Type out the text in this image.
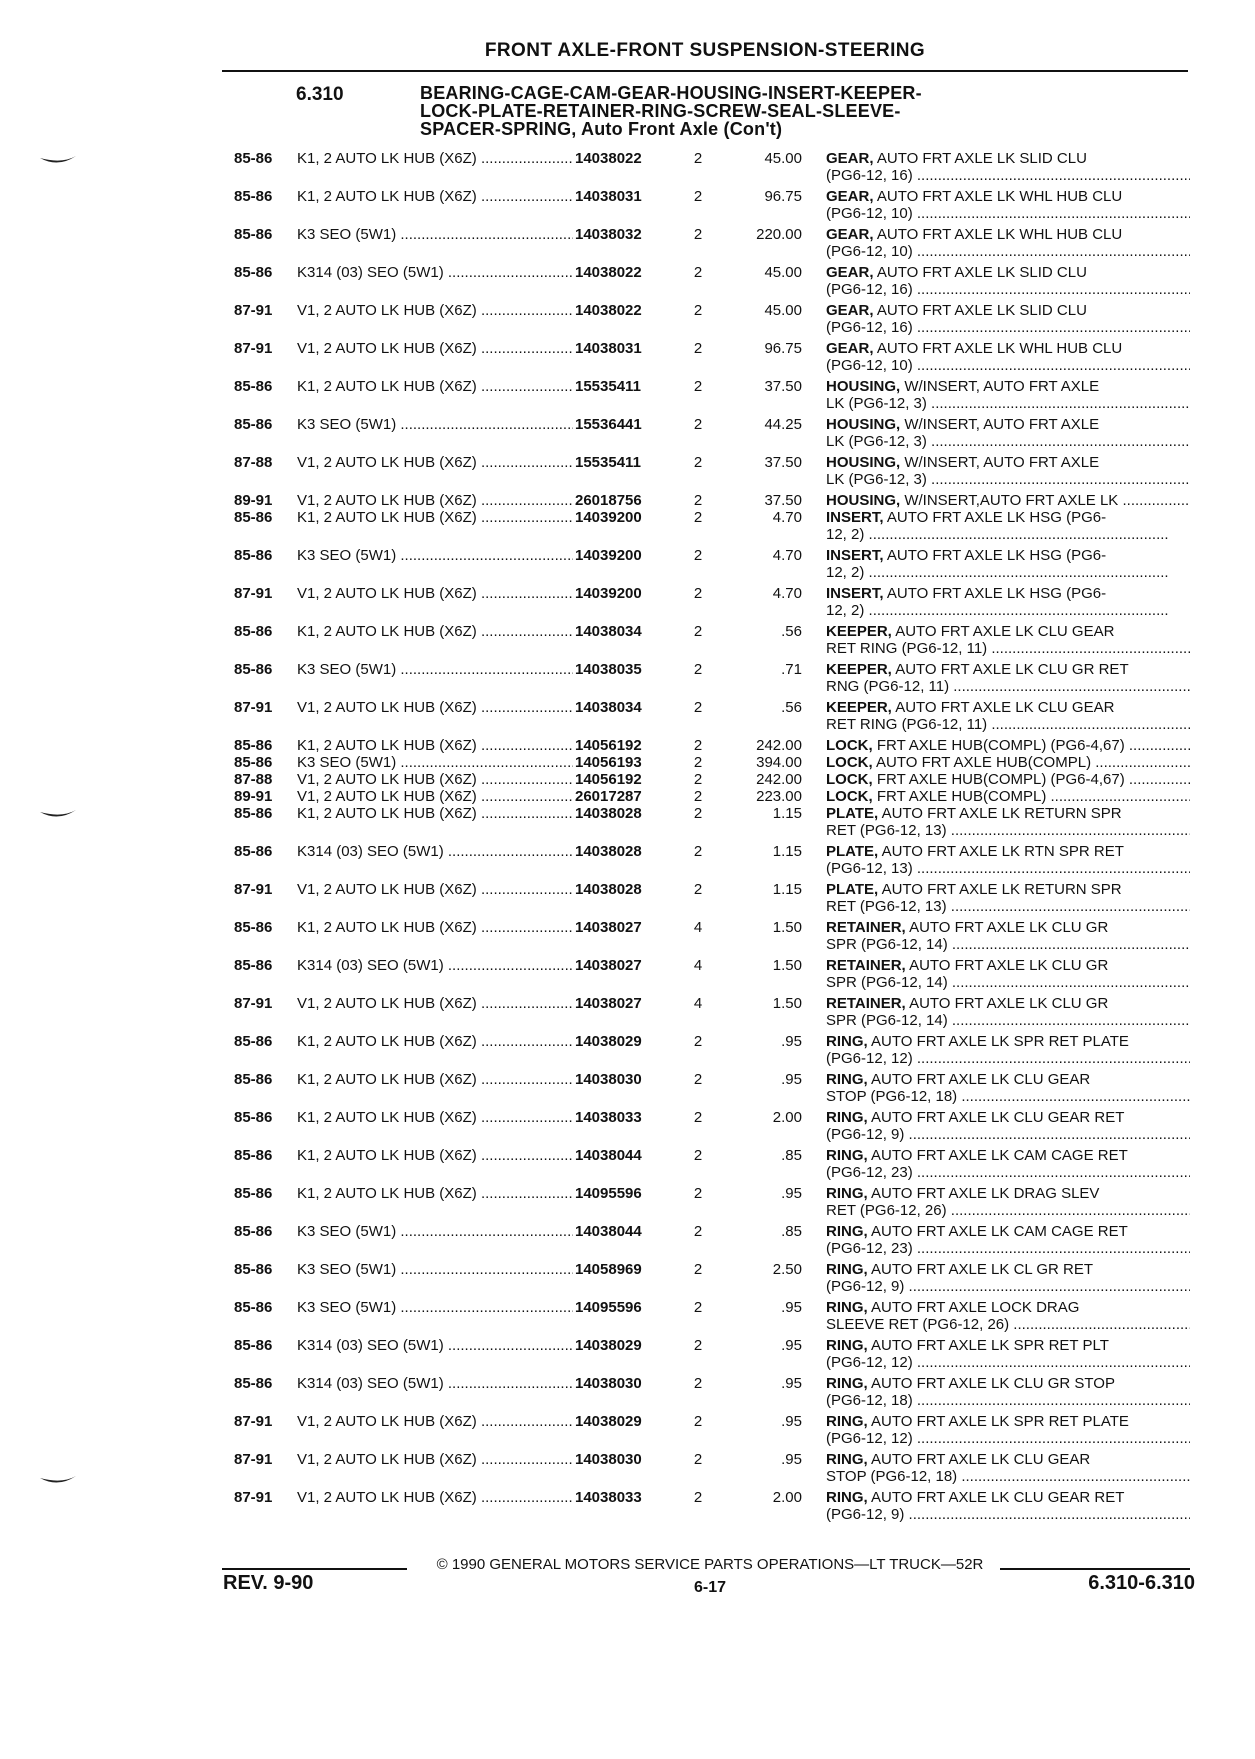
FRONT AXLE-FRONT SUSPENSION-STEERING
6.310	BEARING-CAGE-CAM-GEAR-HOUSING-INSERT-KEEPER-
LOCK-PLATE-RETAINER-RING-SCREW-SEAL-SLEEVE-
SPACER-SPRING, Auto Front Axle (Con't)
85-86	K1, 2 AUTO LK HUB (X6Z) .....	14038022	2	45.00 GEAR, AUTO FRT AXLE LK SLID CLU
(PG6-12, 16) .....
85-86	K1, 2 AUTO LK HUB (X6Z) .....	14038031	2	96.75 GEAR, AUTO FRT AXLE LK WHL HUB CLU
(PG6-12, 10) .....
85-86	K3 SEO (5W1) .....	14038032	2	220.00 GEAR, AUTO FRT AXLE LK WHL HUB CLU
(PG6-12, 10) .....
85-86	K314 (03) SEO (5W1) .....	14038022	2	45.00 GEAR, AUTO FRT AXLE LK SLID CLU
(PG6-12, 16) .....
87-91	V1, 2 AUTO LK HUB (X6Z) .....	14038022	2	45.00 GEAR, AUTO FRT AXLE LK SLID CLU
(PG6-12, 16) .....
87-91	V1, 2 AUTO LK HUB (X6Z) .....	14038031	2	96.75 GEAR, AUTO FRT AXLE LK WHL HUB CLU
(PG6-12, 10) .....
85-86	K1, 2 AUTO LK HUB (X6Z) .....	15535411	2	37.50 HOUSING, W/INSERT, AUTO FRT AXLE
LK (PG6-12, 3) .....
85-86	K3 SEO (5W1) .....	15536441	2	44.25 HOUSING, W/INSERT, AUTO FRT AXLE
LK (PG6-12, 3) .....
87-88	V1, 2 AUTO LK HUB (X6Z) .....	15535411	2	37.50 HOUSING, W/INSERT, AUTO FRT AXLE
LK (PG6-12, 3) .....
89-91	V1, 2 AUTO LK HUB (X6Z) .....	26018756	2	37.50 HOUSING, W/INSERT,AUTO FRT AXLE LK .....
85-86	K1, 2 AUTO LK HUB (X6Z) .....	14039200	2	4.70 INSERT, AUTO FRT AXLE LK HSG (PG6-
12, 2) .....
85-86	K3 SEO (5W1) .....	14039200	2	4.70 INSERT, AUTO FRT AXLE LK HSG (PG6-
12, 2) .....
87-91	V1, 2 AUTO LK HUB (X6Z) .....	14039200	2	4.70 INSERT, AUTO FRT AXLE LK HSG (PG6-
12, 2) .....
85-86	K1, 2 AUTO LK HUB (X6Z) .....	14038034	2	.56 KEEPER, AUTO FRT AXLE LK CLU GEAR
RET RING (PG6-12, 11) .....
85-86	K3 SEO (5W1) .....	14038035	2	.71 KEEPER, AUTO FRT AXLE LK CLU GR RET
RNG (PG6-12, 11) .....
87-91	V1, 2 AUTO LK HUB (X6Z) .....	14038034	2	.56 KEEPER, AUTO FRT AXLE LK CLU GEAR
RET RING (PG6-12, 11) .....
85-86	K1, 2 AUTO LK HUB (X6Z) .....	14056192	2	242.00 LOCK, FRT AXLE HUB(COMPL) (PG6-4,67) .....
85-86	K3 SEO (5W1) .....	14056193	2	394.00 LOCK, AUTO FRT AXLE HUB(COMPL) .....
87-88	V1, 2 AUTO LK HUB (X6Z) .....	14056192	2	242.00 LOCK, FRT AXLE HUB(COMPL) (PG6-4,67) .....
89-91	V1, 2 AUTO LK HUB (X6Z) .....	26017287	2	223.00 LOCK, FRT AXLE HUB(COMPL) .....
85-86	K1, 2 AUTO LK HUB (X6Z) .....	14038028	2	1.15 PLATE, AUTO FRT AXLE LK RETURN SPR
RET (PG6-12, 13) .....
85-86	K314 (03) SEO (5W1) .....	14038028	2	1.15 PLATE, AUTO FRT AXLE LK RTN SPR RET
(PG6-12, 13) .....
87-91	V1, 2 AUTO LK HUB (X6Z) .....	14038028	2	1.15 PLATE, AUTO FRT AXLE LK RETURN SPR
RET (PG6-12, 13) .....
85-86	K1, 2 AUTO LK HUB (X6Z) .....	14038027	4	1.50 RETAINER, AUTO FRT AXLE LK CLU GR
SPR (PG6-12, 14) .....
85-86	K314 (03) SEO (5W1) .....	14038027	4	1.50 RETAINER, AUTO FRT AXLE LK CLU GR
SPR (PG6-12, 14) .....
87-91	V1, 2 AUTO LK HUB (X6Z) .....	14038027	4	1.50 RETAINER, AUTO FRT AXLE LK CLU GR
SPR (PG6-12, 14) .....
85-86	K1, 2 AUTO LK HUB (X6Z) .....	14038029	2	.95 RING, AUTO FRT AXLE LK SPR RET PLATE
(PG6-12, 12) .....
85-86	K1, 2 AUTO LK HUB (X6Z) .....	14038030	2	.95 RING, AUTO FRT AXLE LK CLU GEAR
STOP (PG6-12, 18) .....
85-86	K1, 2 AUTO LK HUB (X6Z) .....	14038033	2	2.00 RING, AUTO FRT AXLE LK CLU GEAR RET
(PG6-12, 9) .....
85-86	K1, 2 AUTO LK HUB (X6Z) .....	14038044	2	.85 RING, AUTO FRT AXLE LK CAM CAGE RET
(PG6-12, 23) .....
85-86	K1, 2 AUTO LK HUB (X6Z) .....	14095596	2	.95 RING, AUTO FRT AXLE LK DRAG SLEV
RET (PG6-12, 26) .....
85-86	K3 SEO (5W1) .....	14038044	2	.85 RING, AUTO FRT AXLE LK CAM CAGE RET
(PG6-12, 23) .....
85-86	K3 SEO (5W1) .....	14058969	2	2.50 RING, AUTO FRT AXLE LK CL GR RET
(PG6-12, 9) .....
85-86	K3 SEO (5W1) .....	14095596	2	.95 RING, AUTO FRT AXLE LOCK DRAG
SLEEVE RET (PG6-12, 26) .....
85-86	K314 (03) SEO (5W1) .....	14038029	2	.95 RING, AUTO FRT AXLE LK SPR RET PLT
(PG6-12, 12) .....
85-86	K314 (03) SEO (5W1) .....	14038030	2	.95 RING, AUTO FRT AXLE LK CLU GR STOP
(PG6-12, 18) .....
87-91	V1, 2 AUTO LK HUB (X6Z) .....	14038029	2	.95 RING, AUTO FRT AXLE LK SPR RET PLATE
(PG6-12, 12) .....
87-91	V1, 2 AUTO LK HUB (X6Z) .....	14038030	2	.95 RING, AUTO FRT AXLE LK CLU GEAR
STOP (PG6-12, 18) .....
87-91	V1, 2 AUTO LK HUB (X6Z) .....	14038033	2	2.00 RING, AUTO FRT AXLE LK CLU GEAR RET
(PG6-12, 9) .....
© 1990 GENERAL MOTORS SERVICE PARTS OPERATIONS—LT TRUCK—52R
REV. 9-90	6-17	6.310-6.310
